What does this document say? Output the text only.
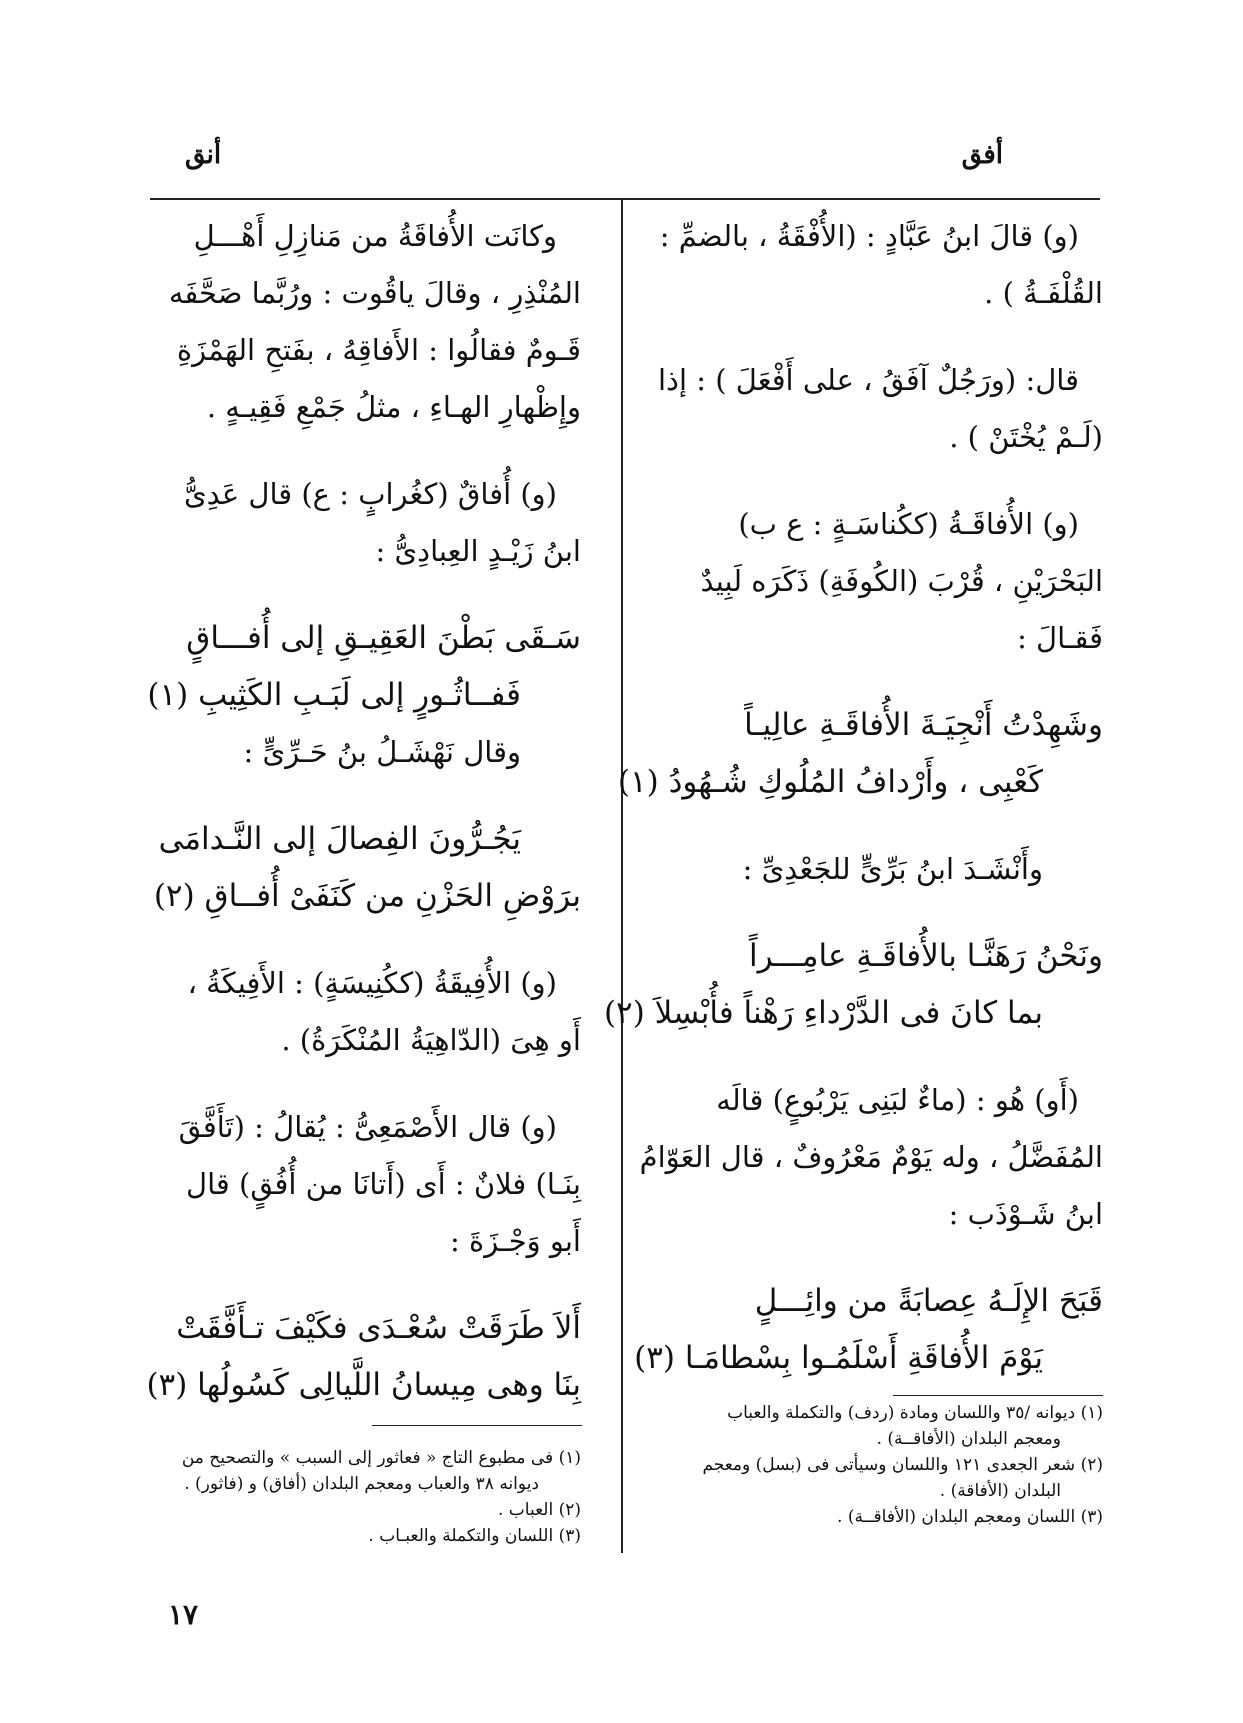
أفق
أنق
(و) قالَ ابنُ عَبَّادٍ : (الأُفْقَةُ ، بالضمِّ :
القُلْفَـةُ ) .
قال: (ورَجُلٌ آفَقُ ، على أَفْعَلَ ) : إذا
(لَـمْ يُخْتَنْ ) .
(و) الأُفاقَـةُ (ككُناسَـةٍ : ع ب)
البَحْرَيْنِ ، قُرْبَ (الكُوفَةِ) ذَكَرَه لَبِيدٌ
فَقـالَ :
وشَهِدْتُ أَنْجِيَـةَ الأُفاقَـةِ عالِيـاً
كَعْبِى ، وأَرْدافُ المُلُوكِ شُـهُودُ (١)
وأَنْشَـدَ ابنُ بَرِّىٍّ للجَعْدِىِّ :
ونَحْنُ رَهَنَّـا بالأُفاقَـةِ عامِـــراً
بما كانَ فى الدَّرْداءِ رَهْناً فأُبْسِلاَ (٢)
(أَو) هُو : (ماءٌ لبَنِى يَرْبُوعٍ) قالَه
المُفَضَّلُ ، وله يَوْمٌ مَعْرُوفٌ ، قال العَوّامُ
ابنُ شَـوْذَب :
قَبَحَ الإِلَـهُ عِصابَةً من وائِـــلٍ
يَوْمَ الأُفاقَةِ أَسْلَمُـوا بِسْطامَـا (٣)
(١) ديوانه /٣٥ واللسان ومادة (ردف) والتكملة والعباب
ومعجم البلدان (الأفاقــة) .
(٢) شعر الجعدى ١٢١ واللسان وسيأتى فى (بسل) ومعجم
البلدان (الأفاقة) .
(٣) اللسان ومعجم البلدان (الأفاقــة) .
وكانَت الأُفاقَةُ من مَنازِلِ أَهْـــلِ
المُنْذِرِ ، وقالَ ياقُوت : ورُبَّما صَحَّفَه
قَـومٌ فقالُوا : الأَفاقِهُ ، بفَتحِ الهَمْزَةِ
وإِظْهارِ الهـاءِ ، مثلُ جَمْعِ فَقِيـهٍ .
(و) أُفاقٌ (كغُرابٍ : ع) قال عَدِىُّ
ابنُ زَيْـدٍ العِبادِىُّ :
سَـقَى بَطْنَ العَقِيـقِ إلى أُفـــاقٍ
فَفــاثُـورٍ إلى لَبَـبِ الكَثِيبِ (١)
وقال نَهْشَـلُ بنُ حَـرِّىٍّ :
يَجُـرُّونَ الفِصالَ إلى النَّـدامَى
برَوْضِ الحَزْنِ من كَنَفَىْ أُفــاقِ (٢)
(و) الأُفِيقَةُ (ككُنِيسَةٍ) : الأَفِيكَةُ ،
أَو هِىَ (الدّاهِيَةُ المُنْكَرَةُ) .
(و) قال الأَصْمَعِىُّ : يُقالُ : (تَأَفَّقَ
بِنَـا) فلانٌ : أَى (أَتانَا من أُفُقٍ) قال
أَبو وَجْـزَةَ :
أَلاَ طَرَقَتْ سُعْـدَى فكَيْفَ تـأَفَّقَتْ
بِنَا وهى مِيسانُ اللَّيالِى كَسُولُها (٣)
(١) فى مطبوع التاج « فعاثور إلى السبب » والتصحيح من
ديوانه ٣٨ والعباب ومعجم البلدان (أفاق) و (فاثور) .
(٢) العباب .
(٣) اللسان والتكملة والعبـاب .
١٧
